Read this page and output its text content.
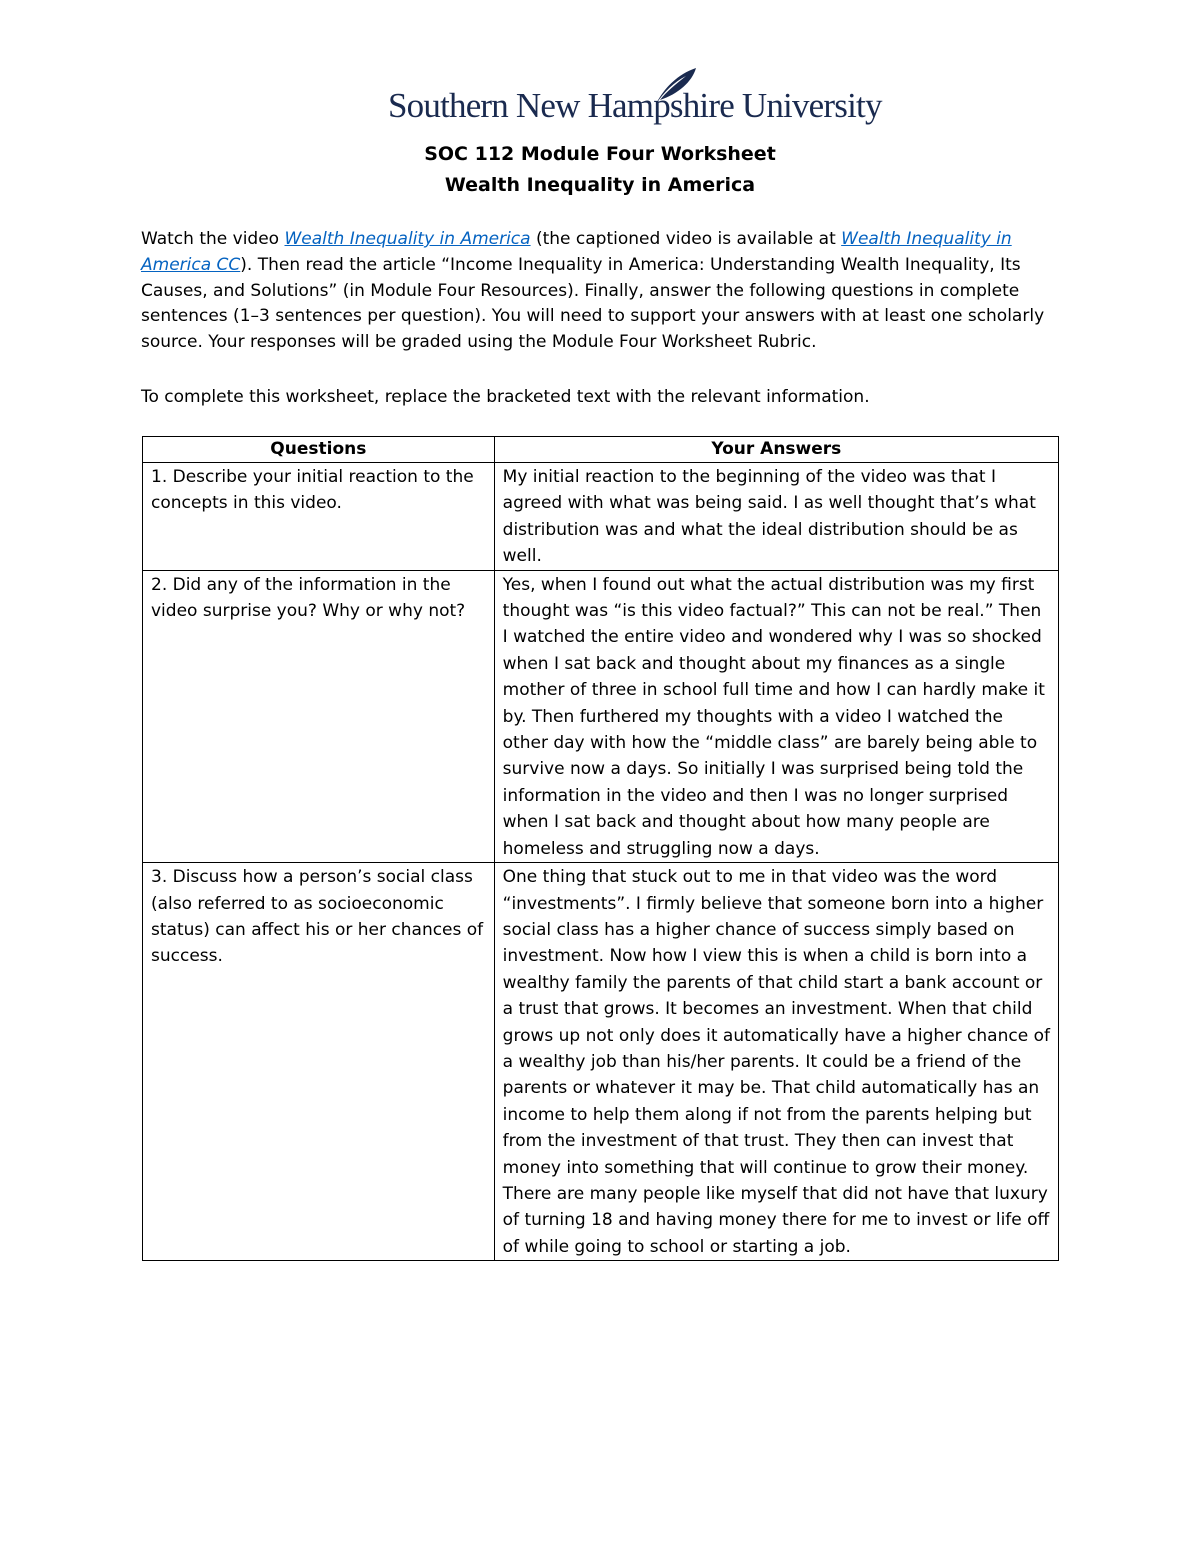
Southern New Hampshire University
SOC 112 Module Four Worksheet
Wealth Inequality in America
Watch the video Wealth Inequality in America (the captioned video is available at Wealth Inequality in America CC). Then read the article “Income Inequality in America: Understanding Wealth Inequality, Its Causes, and Solutions” (in Module Four Resources). Finally, answer the following questions in complete sentences (1–3 sentences per question). You will need to support your answers with at least one scholarly source. Your responses will be graded using the Module Four Worksheet Rubric.
To complete this worksheet, replace the bracketed text with the relevant information.
Questions	Your Answers
1. Describe your initial reaction to the concepts in this video.	My initial reaction to the beginning of the video was that I agreed with what was being said. I as well thought that’s what distribution was and what the ideal distribution should be as well.
2. Did any of the information in the video surprise you? Why or why not?	Yes, when I found out what the actual distribution was my first thought was “is this video factual?” This can not be real.” Then I watched the entire video and wondered why I was so shocked when I sat back and thought about my finances as a single mother of three in school full time and how I can hardly make it by. Then furthered my thoughts with a video I watched the other day with how the “middle class” are barely being able to survive now a days. So initially I was surprised being told the information in the video and then I was no longer surprised when I sat back and thought about how many people are homeless and struggling now a days.
3. Discuss how a person’s social class (also referred to as socioeconomic status) can affect his or her chances of success.	One thing that stuck out to me in that video was the word “investments”. I firmly believe that someone born into a higher social class has a higher chance of success simply based on investment. Now how I view this is when a child is born into a wealthy family the parents of that child start a bank account or a trust that grows. It becomes an investment. When that child grows up not only does it automatically have a higher chance of a wealthy job than his/her parents. It could be a friend of the parents or whatever it may be. That child automatically has an income to help them along if not from the parents helping but from the investment of that trust. They then can invest that money into something that will continue to grow their money. There are many people like myself that did not have that luxury of turning 18 and having money there for me to invest or life off of while going to school or starting a job.
